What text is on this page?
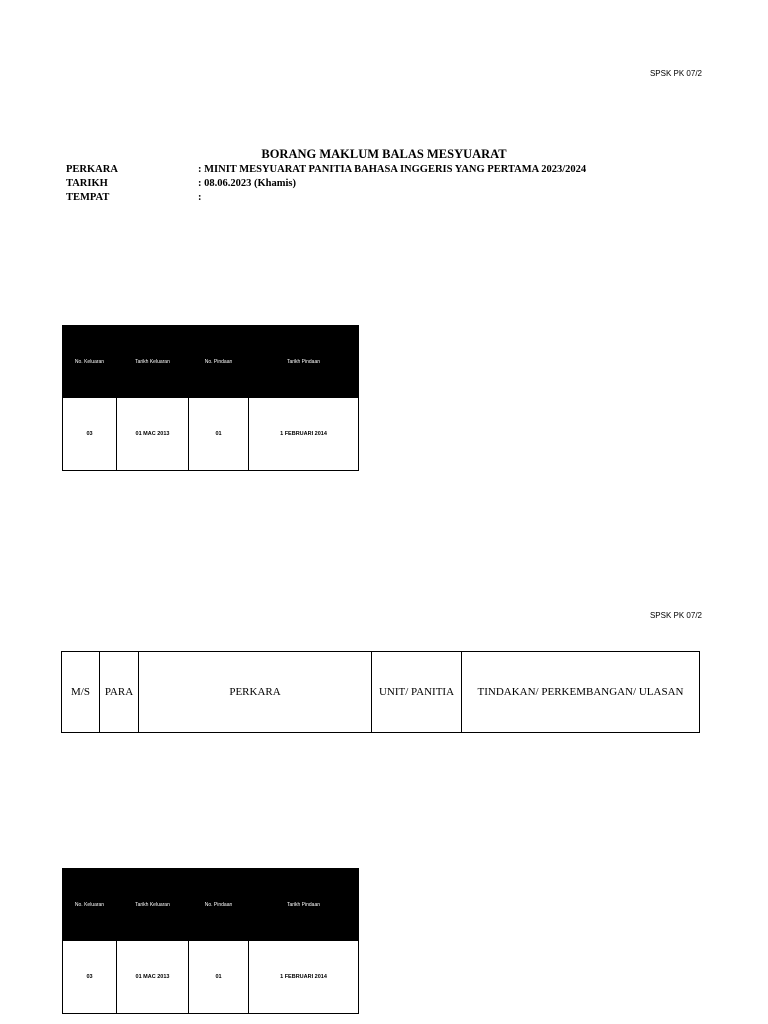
SPSK PK 07/2
BORANG MAKLUM BALAS MESYUARAT
PERKARA	: MINIT MESYUARAT PANITIA BAHASA INGGERIS YANG PERTAMA 2023/2024
TARIKH	: 08.06.2023 (Khamis)
TEMPAT	:
No. Keluaran	Tarikh Keluaran	No. Pindaan	Tarikh Pindaan
03	01 MAC 2013	01	1 FEBRUARI 2014
SPSK PK 07/2
M/S	PARA	PERKARA	UNIT/ PANITIA	TINDAKAN/ PERKEMBANGAN/ ULASAN
No. Keluaran	Tarikh Keluaran	No. Pindaan	Tarikh Pindaan
03	01 MAC 2013	01	1 FEBRUARI 2014
